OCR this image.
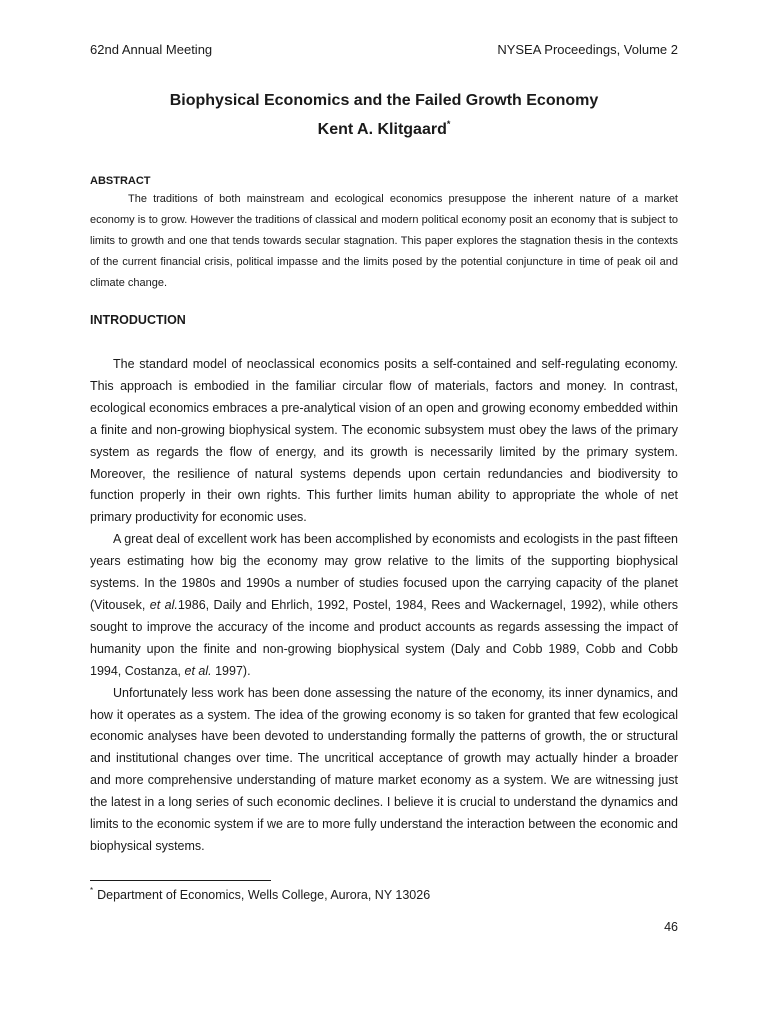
62nd Annual Meeting	NYSEA Proceedings, Volume 2
Biophysical Economics and the Failed Growth Economy
Kent A. Klitgaard*
ABSTRACT

The traditions of both mainstream and ecological economics presuppose the inherent nature of a market economy is to grow. However the traditions of classical and modern political economy posit an economy that is subject to limits to growth and one that tends towards secular stagnation. This paper explores the stagnation thesis in the contexts of the current financial crisis, political impasse and the limits posed by the potential conjuncture in time of peak oil and climate change.

INTRODUCTION

The standard model of neoclassical economics posits a self-contained and self-regulating economy. This approach is embodied in the familiar circular flow of materials, factors and money. In contrast, ecological economics embraces a pre-analytical vision of an open and growing economy embedded within a finite and non-growing biophysical system. The economic subsystem must obey the laws of the primary system as regards the flow of energy, and its growth is necessarily limited by the primary system. Moreover, the resilience of natural systems depends upon certain redundancies and biodiversity to function properly in their own rights. This further limits human ability to appropriate the whole of net primary productivity for economic uses.

A great deal of excellent work has been accomplished by economists and ecologists in the past fifteen years estimating how big the economy may grow relative to the limits of the supporting biophysical systems. In the 1980s and 1990s a number of studies focused upon the carrying capacity of the planet (Vitousek, et al.1986, Daily and Ehrlich, 1992, Postel, 1984, Rees and Wackernagel, 1992), while others sought to improve the accuracy of the income and product accounts as regards assessing the impact of humanity upon the finite and non-growing biophysical system (Daly and Cobb 1989, Cobb and Cobb 1994, Costanza, et al. 1997).

Unfortunately less work has been done assessing the nature of the economy, its inner dynamics, and how it operates as a system. The idea of the growing economy is so taken for granted that few ecological economic analyses have been devoted to understanding formally the patterns of growth, the or structural and institutional changes over time. The uncritical acceptance of growth may actually hinder a broader and more comprehensive understanding of mature market economy as a system. We are witnessing just the latest in a long series of such economic declines. I believe it is crucial to understand the dynamics and limits to the economic system if we are to more fully understand the interaction between the economic and biophysical systems.

* Department of Economics, Wells College, Aurora, NY 13026
46
